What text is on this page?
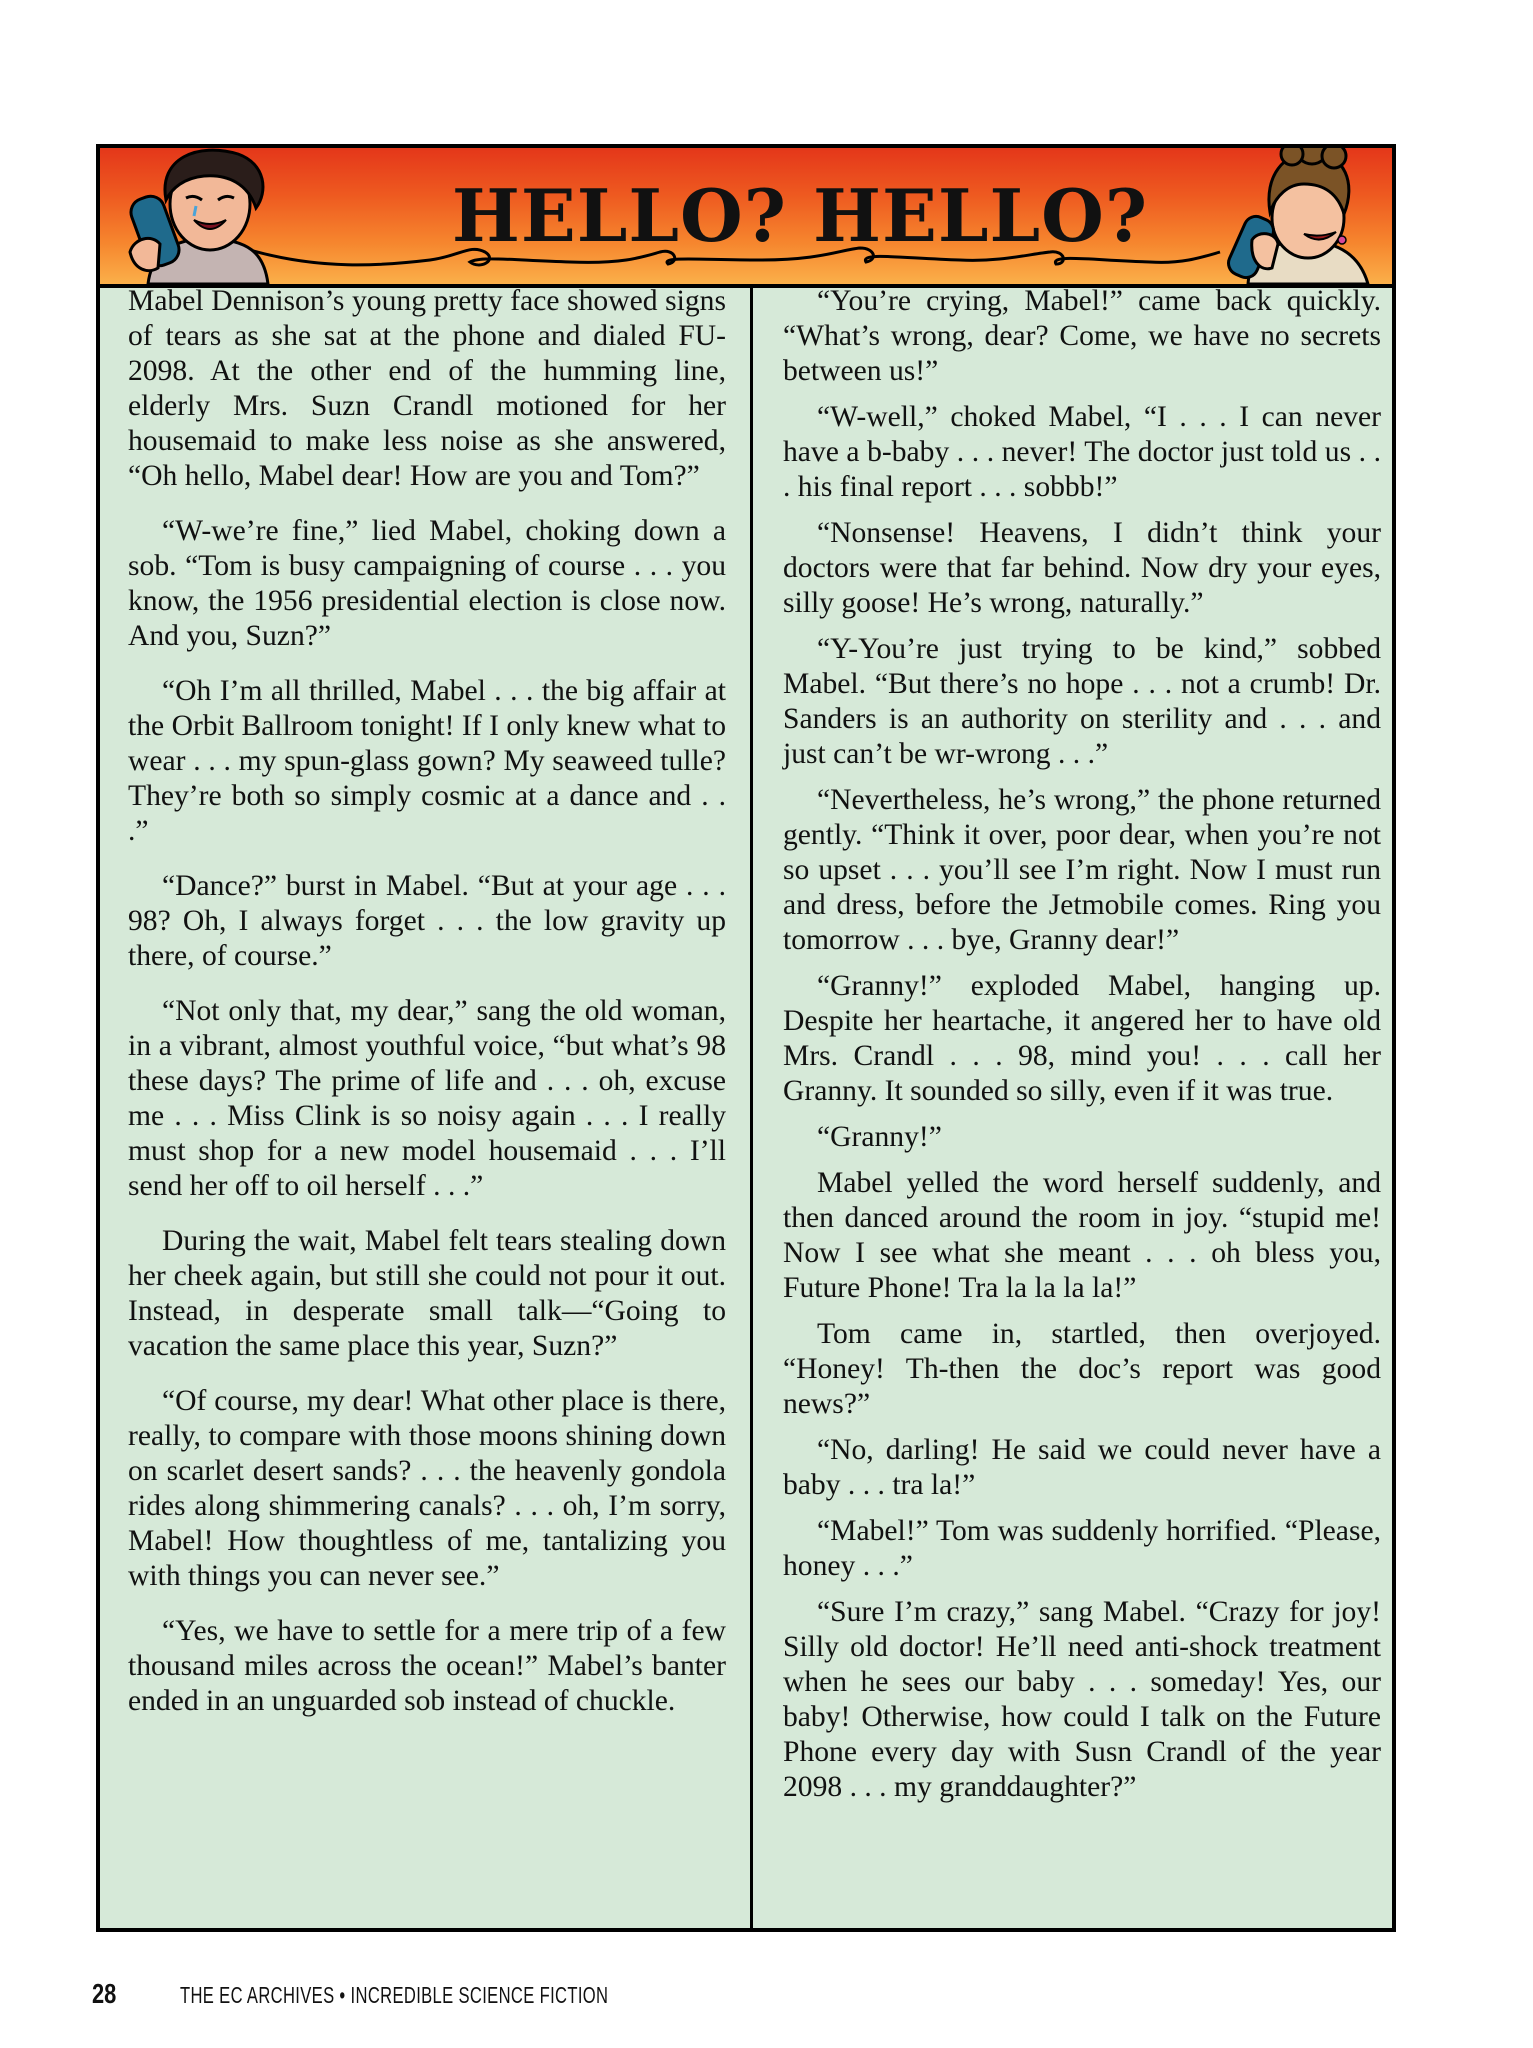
HELLO? HELLO?

Mabel Dennison’s young pretty face showed signs of tears as she sat at the phone and dialed FU-2098. At the other end of the humming line, elderly Mrs. Suzn Crandl motioned for her housemaid to make less noise as she answered, “Oh hello, Mabel dear! How are you and Tom?”

“W-we’re fine,” lied Mabel, choking down a sob. “Tom is busy campaigning of course . . . you know, the 1956 presidential election is close now. And you, Suzn?”

“Oh I’m all thrilled, Mabel . . . the big affair at the Orbit Ballroom tonight! If I only knew what to wear . . . my spun-glass gown? My seaweed tulle? They’re both so simply cosmic at a dance and . . .”

“Dance?” burst in Mabel. “But at your age . . . 98? Oh, I always forget . . . the low gravity up there, of course.”

“Not only that, my dear,” sang the old woman, in a vibrant, almost youthful voice, “but what’s 98 these days? The prime of life and . . . oh, excuse me . . . Miss Clink is so noisy again . . . I really must shop for a new model housemaid . . . I’ll send her off to oil herself . . .”

During the wait, Mabel felt tears stealing down her cheek again, but still she could not pour it out. Instead, in desperate small talk—“Going to vacation the same place this year, Suzn?”

“Of course, my dear! What other place is there, really, to compare with those moons shining down on scarlet desert sands? . . . the heavenly gondola rides along shimmering canals? . . . oh, I’m sorry, Mabel! How thoughtless of me, tantalizing you with things you can never see.”

“Yes, we have to settle for a mere trip of a few thousand miles across the ocean!” Mabel’s banter ended in an unguarded sob instead of chuckle.

“You’re crying, Mabel!” came back quickly. “What’s wrong, dear? Come, we have no secrets between us!”

“W-well,” choked Mabel, “I . . . I can never have a b-baby . . . never! The doctor just told us . . . his final report . . . sobbb!”

“Nonsense! Heavens, I didn’t think your doctors were that far behind. Now dry your eyes, silly goose! He’s wrong, naturally.”

“Y-You’re just trying to be kind,” sobbed Mabel. “But there’s no hope . . . not a crumb! Dr. Sanders is an authority on sterility and . . . and just can’t be wr-wrong . . .”

“Nevertheless, he’s wrong,” the phone returned gently. “Think it over, poor dear, when you’re not so upset . . . you’ll see I’m right. Now I must run and dress, before the Jetmobile comes. Ring you tomorrow . . . bye, Granny dear!”

“Granny!” exploded Mabel, hanging up. Despite her heartache, it angered her to have old Mrs. Crandl . . . 98, mind you! . . . call her Granny. It sounded so silly, even if it was true.

“Granny!”

Mabel yelled the word herself suddenly, and then danced around the room in joy. “stupid me! Now I see what she meant . . . oh bless you, Future Phone! Tra la la la la!”

Tom came in, startled, then overjoyed. “Honey! Th-then the doc’s report was good news?”

“No, darling! He said we could never have a baby . . . tra la!”

“Mabel!” Tom was suddenly horrified. “Please, honey . . .”

“Sure I’m crazy,” sang Mabel. “Crazy for joy! Silly old doctor! He’ll need anti-shock treatment when he sees our baby . . . someday! Yes, our baby! Otherwise, how could I talk on the Future Phone every day with Susn Crandl of the year 2098 . . . my granddaughter?”

28	THE EC ARCHIVES • INCREDIBLE SCIENCE FICTION
